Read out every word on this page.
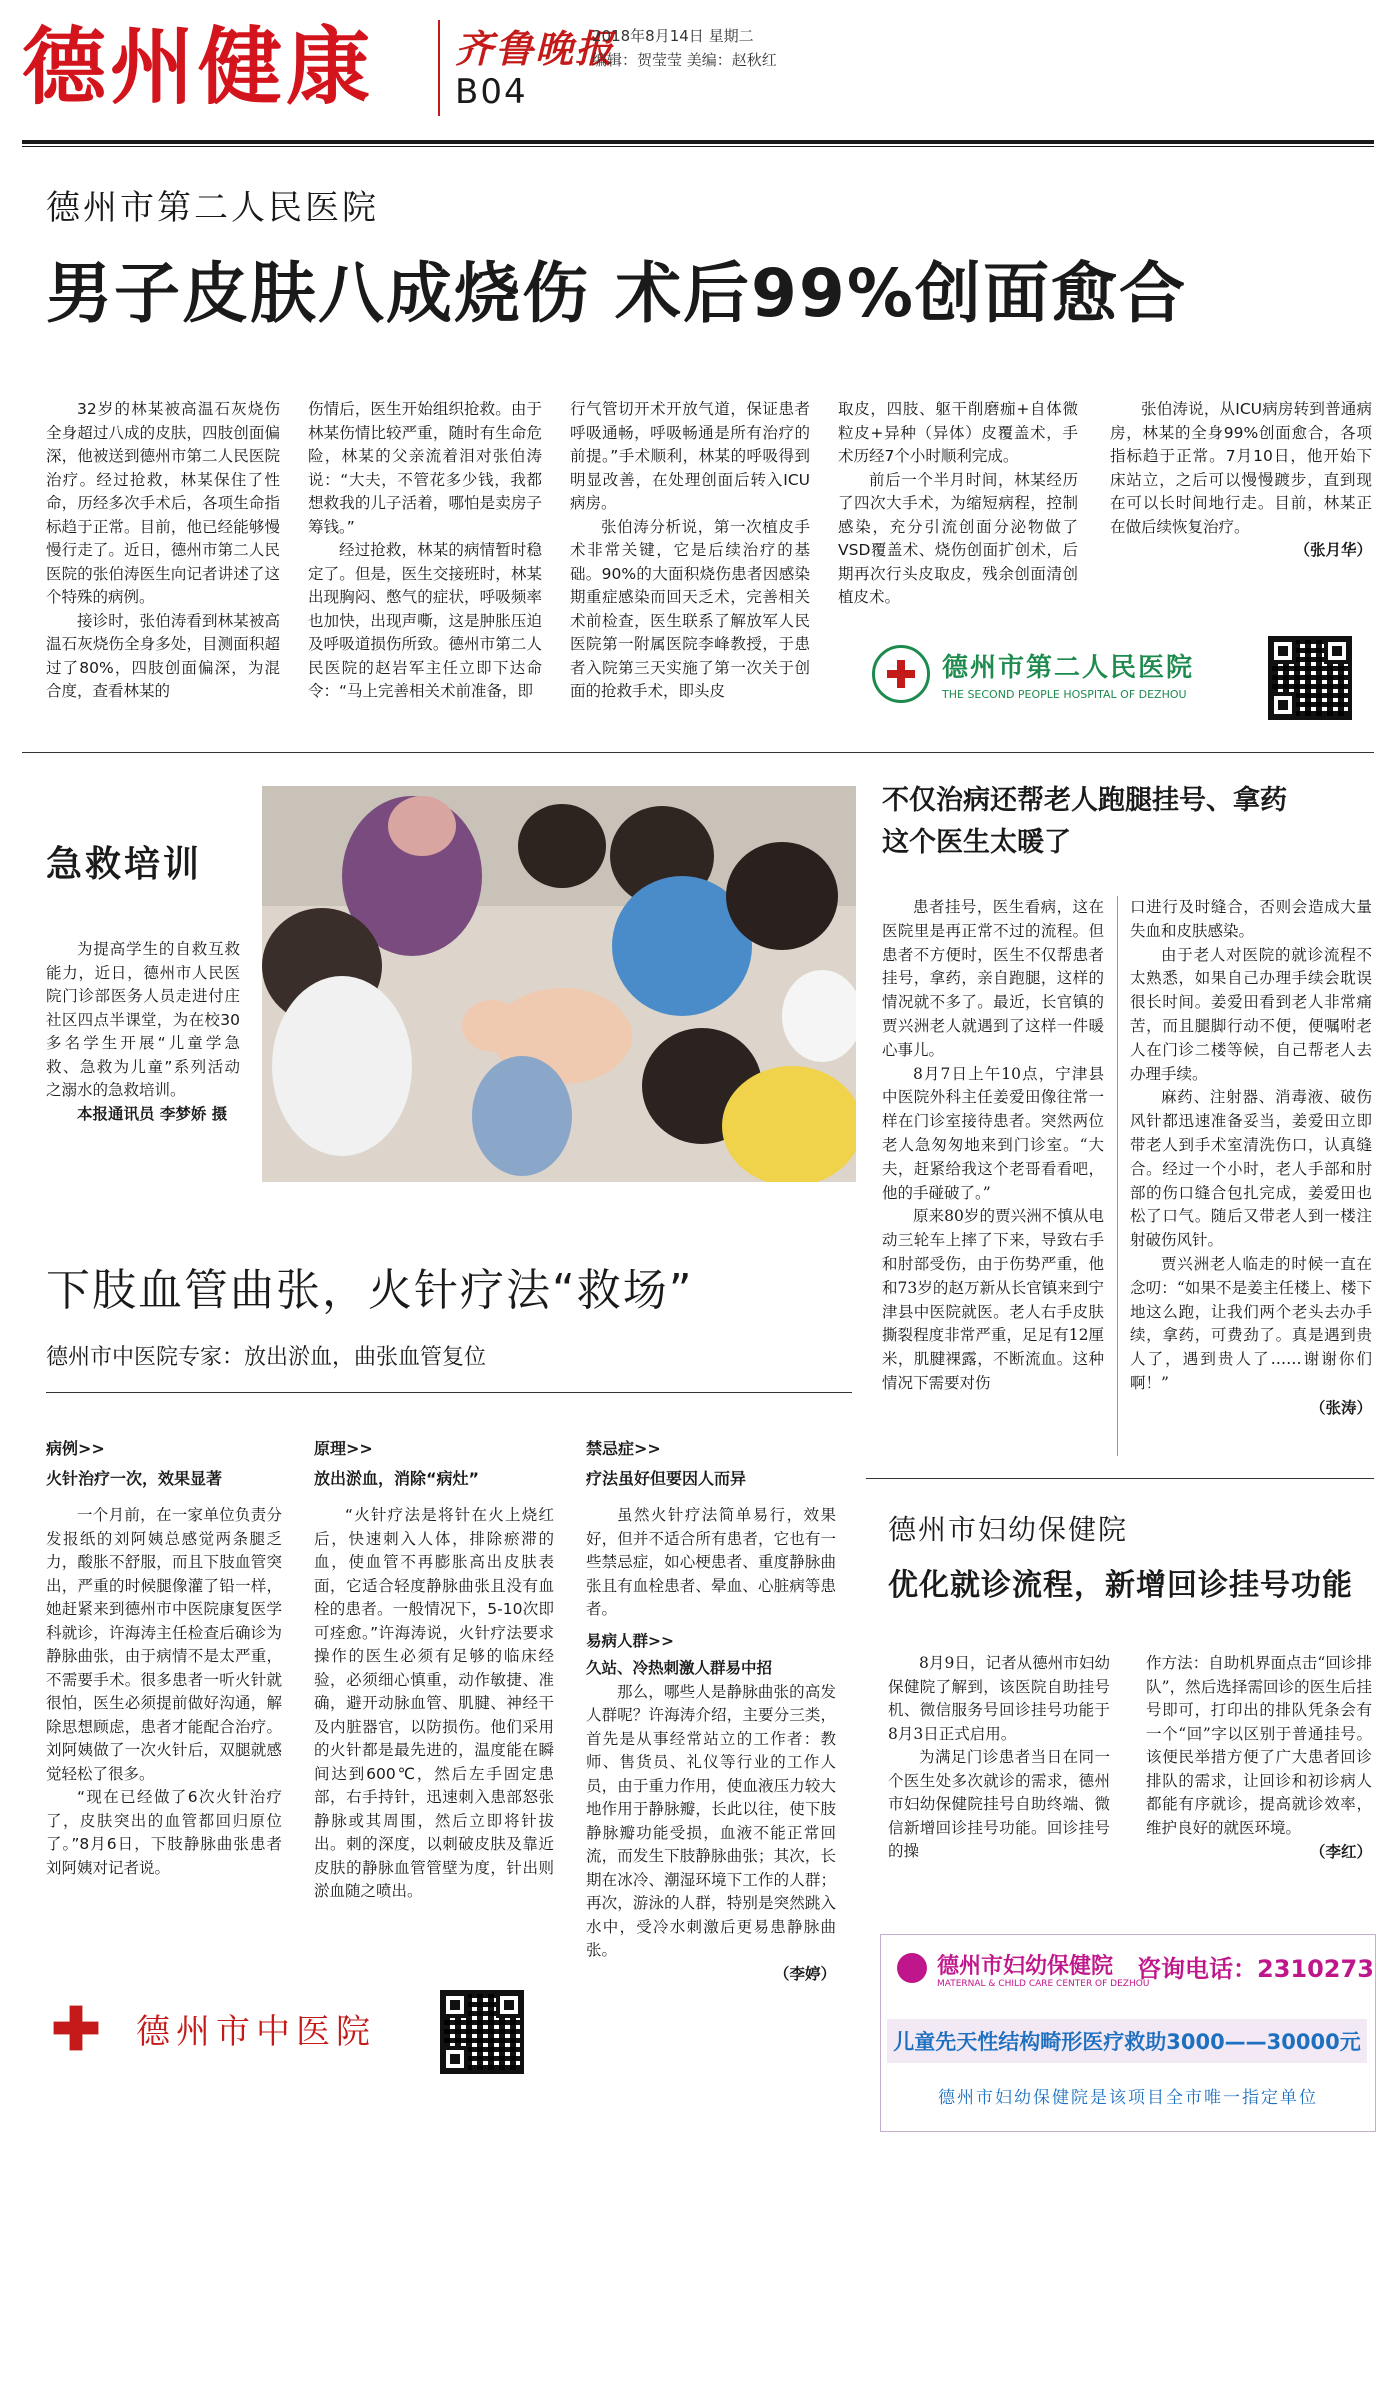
德州健康 齐鲁晚报
B04
2018年8月14日 星期二
编辑：贺莹莹 美编：赵秋红
德州市第二人民医院
男子皮肤八成烧伤 术后99%创面愈合

32岁的林某被高温石灰烧伤全身超过八成的皮肤，四肢创面偏深，他被送到德州市第二人民医院治疗。经过抢救，林某保住了性命，历经多次手术后，各项生命指标趋于正常。目前，他已经能够慢慢行走了。近日，德州市第二人民医院的张伯涛医生向记者讲述了这个特殊的病例。

接诊时，张伯涛看到林某被高温石灰烧伤全身多处，目测面积超过了80%，四肢创面偏深，为混合度，查看林某的

伤情后，医生开始组织抢救。由于林某伤情比较严重，随时有生命危险，林某的父亲流着泪对张伯涛说：“大夫，不管花多少钱，我都想救我的儿子活着，哪怕是卖房子筹钱。”

经过抢救，林某的病情暂时稳定了。但是，医生交接班时，林某出现胸闷、憋气的症状，呼吸频率也加快，出现声嘶，这是肿胀压迫及呼吸道损伤所致。德州市第二人民医院的赵岩军主任立即下达命令：“马上完善相关术前准备，即

行气管切开术开放气道，保证患者呼吸通畅，呼吸畅通是所有治疗的前提。”手术顺利，林某的呼吸得到明显改善，在处理创面后转入ICU病房。

张伯涛分析说，第一次植皮手术非常关键，它是后续治疗的基础。90%的大面积烧伤患者因感染期重症感染而回天乏术，完善相关术前检查，医生联系了解放军人民医院第一附属医院李峰教授，于患者入院第三天实施了第一次关于创面的抢救手术，即头皮

取皮，四肢、躯干削磨痂+自体微粒皮+异种（异体）皮覆盖术，手术历经7个小时顺利完成。

前后一个半月时间，林某经历了四次大手术，为缩短病程，控制感染，充分引流创面分泌物做了VSD覆盖术、烧伤创面扩创术，后期再次行头皮取皮，残余创面清创植皮术。

张伯涛说，从ICU病房转到普通病房，林某的全身99%创面愈合，各项指标趋于正常。7月10日，他开始下床站立，之后可以慢慢踱步，直到现在可以长时间地行走。目前，林某正在做后续恢复治疗。

（张月华）
德州市第二人民医院
THE SECOND PEOPLE HOSPITAL OF DEZHOU
急救培训

为提高学生的自救互救能力，近日，德州市人民医院门诊部医务人员走进付庄社区四点半课堂，为在校30多名学生开展“儿童学急救、急救为儿童”系列活动之溺水的急救培训。

本报通讯员 李梦娇 摄
不仅治病还帮老人跑腿挂号、拿药
这个医生太暖了

患者挂号，医生看病，这在医院里是再正常不过的流程。但患者不方便时，医生不仅帮患者挂号，拿药，亲自跑腿，这样的情况就不多了。最近，长官镇的贾兴洲老人就遇到了这样一件暖心事儿。

8月7日上午10点，宁津县中医院外科主任姜爱田像往常一样在门诊室接待患者。突然两位老人急匆匆地来到门诊室。“大夫，赶紧给我这个老哥看看吧，他的手碰破了。”

原来80岁的贾兴洲不慎从电动三轮车上摔了下来，导致右手和肘部受伤，由于伤势严重，他和73岁的赵万新从长官镇来到宁津县中医院就医。老人右手皮肤撕裂程度非常严重，足足有12厘米，肌腱裸露，不断流血。这种情况下需要对伤

口进行及时缝合，否则会造成大量失血和皮肤感染。

由于老人对医院的就诊流程不太熟悉，如果自己办理手续会耽误很长时间。姜爱田看到老人非常痛苦，而且腿脚行动不便，便嘱咐老人在门诊二楼等候，自己帮老人去办理手续。

麻药、注射器、消毒液、破伤风针都迅速准备妥当，姜爱田立即带老人到手术室清洗伤口，认真缝合。经过一个小时，老人手部和肘部的伤口缝合包扎完成，姜爱田也松了口气。随后又带老人到一楼注射破伤风针。

贾兴洲老人临走的时候一直在念叨：“如果不是姜主任楼上、楼下地这么跑，让我们两个老头去办手续，拿药，可费劲了。真是遇到贵人了，遇到贵人了……谢谢你们啊！”

（张涛）
下肢血管曲张，火针疗法“救场”
德州市中医院专家：放出淤血，曲张血管复位
病例>>
火针治疗一次，效果显著

一个月前，在一家单位负责分发报纸的刘阿姨总感觉两条腿乏力，酸胀不舒服，而且下肢血管突出，严重的时候腿像灌了铅一样，她赶紧来到德州市中医院康复医学科就诊，许海涛主任检查后确诊为静脉曲张，由于病情不是太严重，不需要手术。很多患者一听火针就很怕，医生必须提前做好沟通，解除思想顾虑，患者才能配合治疗。刘阿姨做了一次火针后，双腿就感觉轻松了很多。

“现在已经做了6次火针治疗了，皮肤突出的血管都回归原位了。”8月6日，下肢静脉曲张患者刘阿姨对记者说。

原理>>
放出淤血，消除“病灶”

“火针疗法是将针在火上烧红后，快速刺入人体，排除瘀滞的血，使血管不再膨胀高出皮肤表面，它适合轻度静脉曲张且没有血栓的患者。一般情况下，5-10次即可痊愈。”许海涛说，火针疗法要求操作的医生必须有足够的临床经验，必须细心慎重，动作敏捷、准确，避开动脉血管、肌腱、神经干及内脏器官，以防损伤。他们采用的火针都是最先进的，温度能在瞬间达到600℃，然后左手固定患部，右手持针，迅速刺入患部怒张静脉或其周围，然后立即将针拔出。刺的深度，以刺破皮肤及靠近皮肤的静脉血管管壁为度，针出则淤血随之喷出。

禁忌症>>
疗法虽好但要因人而异

虽然火针疗法简单易行，效果好，但并不适合所有患者，它也有一些禁忌症，如心梗患者、重度静脉曲张且有血栓患者、晕血、心脏病等患者。

易病人群>>
久站、冷热刺激人群易中招

那么，哪些人是静脉曲张的高发人群呢？许海涛介绍，主要分三类，首先是从事经常站立的工作者：教师、售货员、礼仪等行业的工作人员，由于重力作用，使血液压力较大地作用于静脉瓣，长此以往，使下肢静脉瓣功能受损，血液不能正常回流，而发生下肢静脉曲张；其次，长期在冰冷、潮湿环境下工作的人群；再次，游泳的人群，特别是突然跳入水中，受冷水刺激后更易患静脉曲张。

（李婷）
德州市中医院
德州市妇幼保健院
优化就诊流程，新增回诊挂号功能

8月9日，记者从德州市妇幼保健院了解到，该医院自助挂号机、微信服务号回诊挂号功能于8月3日正式启用。

为满足门诊患者当日在同一个医生处多次就诊的需求，德州市妇幼保健院挂号自助终端、微信新增回诊挂号功能。回诊挂号的操

作方法：自助机界面点击“回诊排队”，然后选择需回诊的医生后挂号即可，打印出的排队凭条会有一个“回”字以区别于普通挂号。该便民举措方便了广大患者回诊排队的需求，让回诊和初诊病人都能有序就诊，提高就诊效率，维护良好的就医环境。

（李红）
德州市妇幼保健院
MATERNAL & CHILD CARE CENTER OF DEZHOU
咨询电话：2310273
儿童先天性结构畸形医疗救助3000——30000元
德州市妇幼保健院是该项目全市唯一指定单位
